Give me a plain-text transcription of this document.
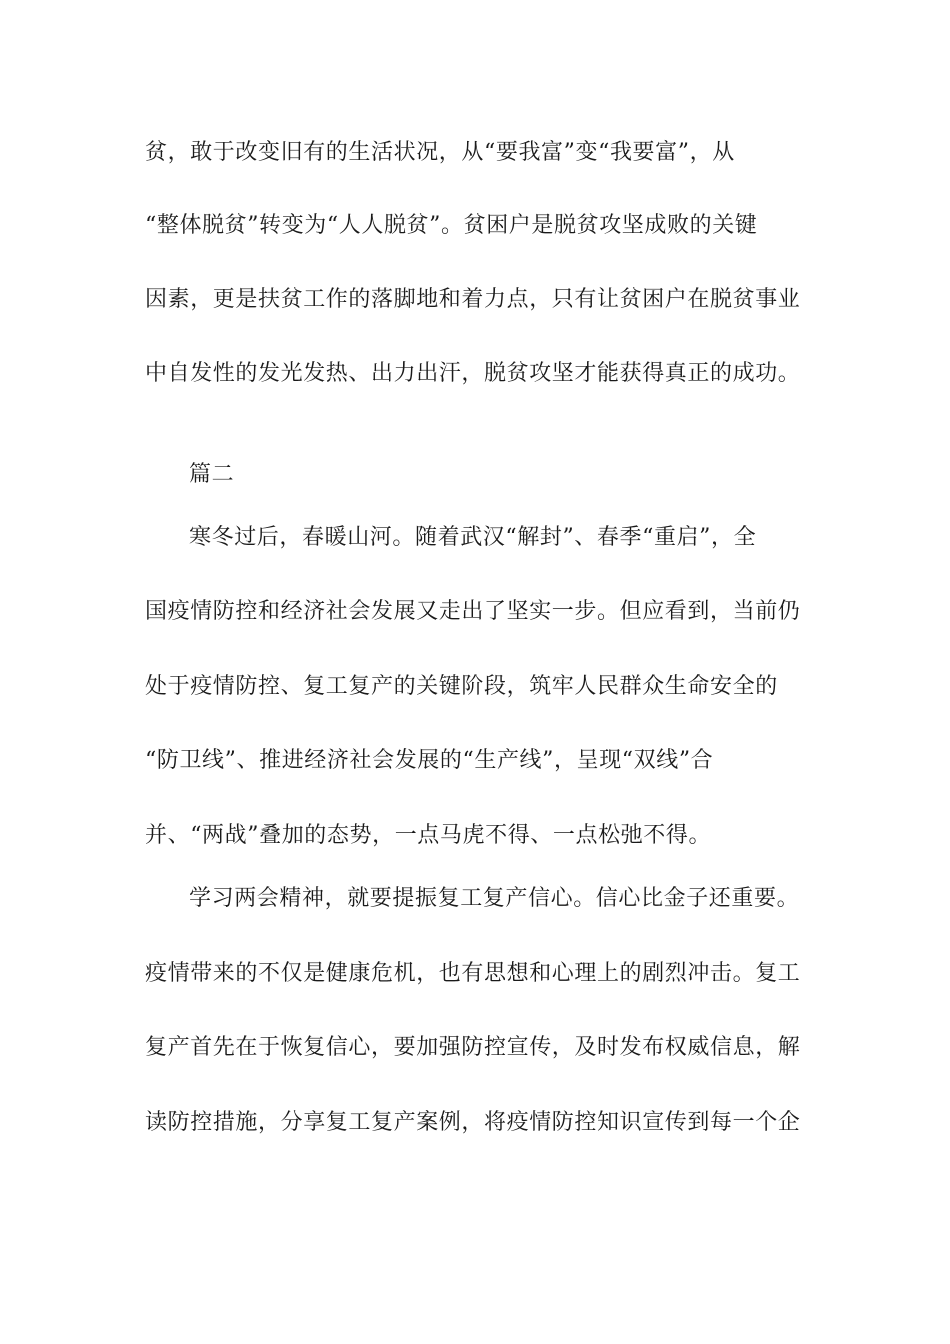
贫，敢于改变旧有的生活状况，从“要我富”变“我要富”，从
“整体脱贫”转变为“人人脱贫”。贫困户是脱贫攻坚成败的关键
因素，更是扶贫工作的落脚地和着力点，只有让贫困户在脱贫事业
中自发性的发光发热、出力出汗，脱贫攻坚才能获得真正的成功。
篇二
寒冬过后，春暖山河。随着武汉“解封”、春季“重启”，全
国疫情防控和经济社会发展又走出了坚实一步。但应看到，当前仍
处于疫情防控、复工复产的关键阶段，筑牢人民群众生命安全的
“防卫线”、推进经济社会发展的“生产线”，呈现“双线”合
并、“两战”叠加的态势，一点马虎不得、一点松弛不得。
学习两会精神，就要提振复工复产信心。信心比金子还重要。
疫情带来的不仅是健康危机，也有思想和心理上的剧烈冲击。复工
复产首先在于恢复信心，要加强防控宣传，及时发布权威信息，解
读防控措施，分享复工复产案例，将疫情防控知识宣传到每一个企
